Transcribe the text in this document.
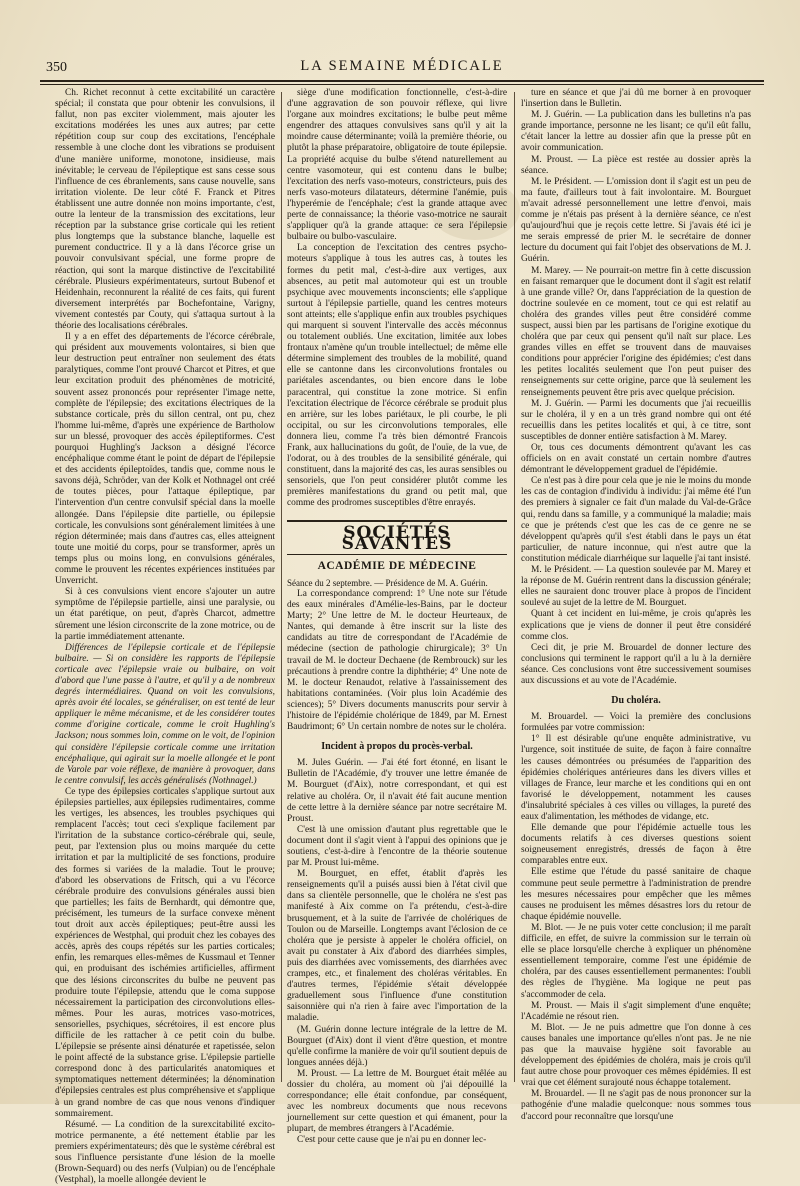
350	LA SEMAINE MÉDICALE

Ch. Richet reconnut à cette excitabilité un caractère spécial; il constata que pour obtenir les convulsions, il fallut, non pas exciter violemment, mais ajouter les excitations modérées les unes aux autres; par cette répétition coup sur coup des excitations, l'encéphale ressemble à une cloche dont les vibrations se produisent d'une manière uniforme, monotone, insidieuse, mais inévitable; le cerveau de l'épileptique est sans cesse sous l'influence de ces ébranlements, sans cause nouvelle, sans irritation violente. De leur côté F. Franck et Pitres établissent une autre donnée non moins importante, c'est, outre la lenteur de la transmission des excitations, leur réception par la substance grise corticale qui les retient plus longtemps que la substance blanche, laquelle est purement conductrice. Il y a là dans l'écorce grise un pouvoir convulsivant spécial, une forme propre de réaction, qui sont la marque distinctive de l'excitabilité cérébrale. Plusieurs expérimentateurs, surtout Bubenof et Heidenhain, reconnurent la réalité de ces faits, qui furent diversement interprétés par Bochefontaine, Varigny, vivement contestés par Couty, qui s'attaqua surtout à la théorie des localisations cérébrales.

Il y a en effet des départements de l'écorce cérébrale, qui président aux mouvements volontaires, si bien que leur destruction peut entraîner non seulement des états paralytiques, comme l'ont prouvé Charcot et Pitres, et que leur excitation produit des phénomènes de motricité, souvent assez prononcés pour représenter l'image nette, complète de l'épilepsie; des excitations électriques de la substance corticale, près du sillon central, ont pu, chez l'homme lui-même, d'après une expérience de Bartholow sur un blessé, provoquer des accès épileptiformes. C'est pourquoi Hughling's Jackson a désigné l'écorce encéphalique comme étant le point de départ de l'épilepsie et des accidents épileptoïdes, tandis que, comme nous le savons déjà, Schröder, van der Kolk et Nothnagel ont créé de toutes pièces, pour l'attaque épileptique, par l'intervention d'un centre convulsif spécial dans la moelle allongée. Dans l'épilepsie dite partielle, ou épilepsie corticale, les convulsions sont généralement limitées à une région déterminée; mais dans d'autres cas, elles atteignent toute une moitié du corps, pour se transformer, après un temps plus ou moins long, en convulsions générales, comme le prouvent les récentes expériences instituées par Unverricht.

Si à ces convulsions vient encore s'ajouter un autre symptôme de l'épilepsie partielle, ainsi une paralysie, ou un état parétique, on peut, d'après Charcot, admettre sûrement une lésion circonscrite de la zone motrice, ou de la partie immédiatement attenante.

Différences de l'épilepsie corticale et de l'épilepsie bulbaire. — Si on considère les rapports de l'épilepsie corticale avec l'épilepsie vraie ou bulbaire, on voit d'abord que l'une passe à l'autre, et qu'il y a de nombreux degrés intermédiaires. Quand on voit les convulsions, après avoir été locales, se généraliser, on est tenté de leur appliquer le même mécanisme, et de les considérer toutes comme d'origine corticale, comme le croit Hughling's Jackson; nous sommes loin, comme on le voit, de l'opinion qui considère l'épilepsie corticale comme une irritation encéphalique, qui agirait sur la moelle allongée et le pont de Varole par voie réflexe, de manière à provoquer, dans le centre convulsif, les accès généralisés (Nothnagel.)

Ce type des épilepsies corticales s'applique surtout aux épilepsies partielles, aux épilepsies rudimentaires, comme les vertiges, les absences, les troubles psychiques qui remplacent l'accès; tout ceci s'explique facilement par l'irritation de la substance cortico-cérébrale qui, seule, peut, par l'extension plus ou moins marquée du cette irritation et par la multiplicité de ses fonctions, produire des formes si variées de la maladie. Tout le prouve; d'abord les observations de Fritsch, qui a vu l'écorce cérébrale produire des convulsions générales aussi bien que partielles; les faits de Bernhardt, qui démontre que, précisément, les tumeurs de la surface convexe mènent tout droit aux accès épileptiques; peut-être aussi les expériences de Westphal, qui produit chez les cobayes des accès, après des coups répétés sur les parties corticales; enfin, les remarques elles-mêmes de Kussmaul et Tenner qui, en produisant des ischémies artificielles, affirment que des lésions circonscrites du bulbe ne peuvent pas produire toute l'épilepsie, attendu que le coma suppose nécessairement la participation des circonvolutions elles-mêmes. Pour les auras, motrices vaso-motrices, sensorielles, psychiques, sécrétoires, il est encore plus difficile de les rattacher à ce petit coin du bulbe. L'épilepsie se présente ainsi dénaturée et rapetissée, selon le point affecté de la substance grise. L'épilepsie partielle correspond donc à des particularités anatomiques et symptomatiques nettement déterminées; la dénomination d'épilepsies centrales est plus compréhensive et s'applique à un grand nombre de cas que nous venons d'indiquer sommairement.

Résumé. — La condition de la surexcitabilité excito-motrice permanente, a été nettement établie par les premiers expérimentateurs; dès que le système cérébral est sous l'influence persistante d'une lésion de la moelle (Brown-Sequard) ou des nerfs (Vulpian) ou de l'encéphale (Vestphal), la moelle allongée devient le

siège d'une modification fonctionnelle, c'est-à-dire d'une aggravation de son pouvoir réflexe, qui livre l'organe aux moindres excitations; le bulbe peut même engendrer des attaques convulsives sans qu'il y ait la moindre cause déterminante; voilà la première théorie, ou plutôt la phase préparatoire, obligatoire de toute épilepsie. La propriété acquise du bulbe s'étend naturellement au centre vasomoteur, qui est contenu dans le bulbe; l'excitation des nerfs vaso-moteurs, constricteurs, puis des nerfs vaso-moteurs dilatateurs, détermine l'anémie, puis l'hyperémie de l'encéphale; c'est la grande attaque avec perte de connaissance; la théorie vaso-motrice ne saurait s'appliquer qu'à la grande attaque: ce sera l'épilepsie bulbaire ou bulbo-vasculaire.

La conception de l'excitation des centres psycho-moteurs s'applique à tous les autres cas, à toutes les formes du petit mal, c'est-à-dire aux vertiges, aux absences, au petit mal automoteur qui est un trouble psychique avec mouvements inconscients; elle s'applique surtout à l'épilepsie partielle, quand les centres moteurs sont atteints; elle s'applique enfin aux troubles psychiques qui marquent si souvent l'intervalle des accès méconnus ou totalement oubliés. Une excitation, limitée aux lobes frontaux n'amène qu'un trouble intellectuel; de même elle détermine simplement des troubles de la mobilité, quand elle se cantonne dans les circonvolutions frontales ou pariétales ascendantes, ou bien encore dans le lobe paracentral, qui constitue la zone motrice. Si enfin l'excitation électrique de l'écorce cérébrale se produit plus en arrière, sur les lobes pariétaux, le pli courbe, le pli occipital, ou sur les circonvolutions temporales, elle donnera lieu, comme l'a très bien démontré Francois Frank, aux hallucinations du goût, de l'ouïe, de la vue, de l'odorat, ou à des troubles de la sensibilité générale, qui constituent, dans la majorité des cas, les auras sensibles ou sensoriels, que l'on peut considérer plutôt comme les premières manifestations du grand ou petit mal, que comme des prodromes susceptibles d'être enrayés.

SOCIÉTÉS SAVANTES
ACADÉMIE DE MÉDECINE

Séance du 2 septembre. — Présidence de M. A. Guérin.

La correspondance comprend: 1° Une note sur l'étude des eaux minérales d'Amélie-les-Bains, par le docteur Marty; 2° Une lettre de M. le docteur Heurteaux, de Nantes, qui demande à être inscrit sur la liste des candidats au titre de correspondant de l'Académie de médecine (section de pathologie chirurgicale); 3° Un travail de M. le docteur Dechaene (de Rembrouck) sur les précautions à prendre contre la diphthérie; 4° Une note de M. le docteur Renaudot, relative à l'assainissement des habitations contaminées. (Voir plus loin Académie des sciences); 5° Divers documents manuscrits pour servir à l'histoire de l'épidémie cholérique de 1849, par M. Ernest Baudrimont; 6° Un certain nombre de notes sur le choléra.

Incident à propos du procès-verbal.

M. Jules Guérin. — J'ai été fort étonné, en lisant le Bulletin de l'Académie, d'y trouver une lettre émanée de M. Bourguet (d'Aix), notre correspondant, et qui est relative au choléra. Or, il n'avait été fait aucune mention de cette lettre à la dernière séance par notre secrétaire M. Proust.

C'est là une omission d'autant plus regrettable que le document dont il s'agit vient à l'appui des opinions que je soutiens, c'est-à-dire à l'encontre de la théorie soutenue par M. Proust lui-même.

M. Bourguet, en effet, établit d'après les renseignements qu'il a puisés aussi bien à l'état civil que dans sa clientèle personnelle, que le choléra ne s'est pas manifesté à Aix comme on l'a prétendu, c'est-à-dire brusquement, et à la suite de l'arrivée de cholériques de Toulon ou de Marseille. Longtemps avant l'éclosion de ce choléra que je persiste à appeler le choléra officiel, on avait pu constater à Aix d'abord des diarrhées simples, puis des diarrhées avec vomissements, des diarrhées avec crampes, etc., et finalement des choléras véritables. En d'autres termes, l'épidémie s'était développée graduellement sous l'influence d'une constitution saisonnière qui n'a rien à faire avec l'importation de la maladie.

(M. Guérin donne lecture intégrale de la lettre de M. Bourguet (d'Aix) dont il vient d'être question, et montre qu'elle confirme la manière de voir qu'il soutient depuis de longues années déjà.)

M. Proust. — La lettre de M. Bourguet était mêlée au dossier du choléra, au moment où j'ai dépouillé la correspondance; elle était confondue, par conséquent, avec les nombreux documents que nous recevons journellement sur cette question et qui émanent, pour la plupart, de membres étrangers à l'Académie.

C'est pour cette cause que je n'ai pu en donner lec-

ture en séance et que j'ai dû me borner à en provoquer l'insertion dans le Bulletin.

M. J. Guérin. — La publication dans les bulletins n'a pas grande importance, personne ne les lisant; ce qu'il eût fallu, c'était lancer la lettre au dossier afin que la presse pût en avoir communication.

M. Proust. — La pièce est restée au dossier après la séance.

M. le Président. — L'omission dont il s'agit est un peu de ma faute, d'ailleurs tout à fait involontaire. M. Bourguet m'avait adressé personnellement une lettre d'envoi, mais comme je n'étais pas présent à la dernière séance, ce n'est qu'aujourd'hui que je reçois cette lettre. Si j'avais été ici je me serais empressé de prier M. le secrétaire de donner lecture du document qui fait l'objet des observations de M. J. Guérin.

M. Marey. — Ne pourrait-on mettre fin à cette discussion en faisant remarquer que le document dont il s'agit est relatif à une grande ville? Or, dans l'appréciation de la question de doctrine soulevée en ce moment, tout ce qui est relatif au choléra des grandes villes peut être considéré comme suspect, aussi bien par les partisans de l'origine exotique du choléra que par ceux qui pensent qu'il naît sur place. Les grandes villes en effet se trouvent dans de mauvaises conditions pour apprécier l'origine des épidémies; c'est dans les petites localités seulement que l'on peut puiser des renseignements sur cette origine, parce que là seulement les renseignements peuvent être pris avec quelque précision.

M. J. Guérin. — Parmi les documents que j'ai recueillis sur le choléra, il y en a un très grand nombre qui ont été recueillis dans les petites localités et qui, à ce titre, sont susceptibles de donner entière satisfaction à M. Marey.

Or, tous ces documents démontrent qu'avant les cas officiels on en avait constaté un certain nombre d'autres démontrant le développement graduel de l'épidémie.

Ce n'est pas à dire pour cela que je nie le moins du monde les cas de contagion d'individu à individu: j'ai même été l'un des premiers à signaler ce fait d'un malade du Val-de-Grâce qui, rendu dans sa famille, y a communiqué la maladie; mais ce que je prétends c'est que les cas de ce genre ne se développent qu'après qu'il s'est établi dans le pays un état particulier, de nature inconnue, qui n'est autre que la constitution médicale diarrhéique sur laquelle j'ai tant insisté.

M. le Président. — La question soulevée par M. Marey et la réponse de M. Guérin rentrent dans la discussion générale; elles ne sauraient donc trouver place à propos de l'incident soulevé au sujet de la lettre de M. Bourguet.

Quant à cet incident en lui-même, je crois qu'après les explications que je viens de donner il peut être considéré comme clos.

Ceci dit, je prie M. Brouardel de donner lecture des conclusions qui terminent le rapport qu'il a lu à la dernière séance. Ces conclusions vont être successivement soumises aux discussions et au vote de l'Académie.

Du choléra.

M. Brouardel. — Voici la première des conclusions formulées par votre commission:

1° Il est désirable qu'une enquête administrative, vu l'urgence, soit instituée de suite, de façon à faire connaître les causes démontrées ou présumées de l'apparition des épidémies cholériques antérieures dans les divers villes et villages de France, leur marche et les conditions qui en ont favorisé le développement, notamment les causes d'insalubrité spéciales à ces villes ou villages, la pureté des eaux d'alimentation, les méthodes de vidange, etc.

Elle demande que pour l'épidémie actuelle tous les documents relatifs à ces diverses questions soient soigneusement enregistrés, dressés de façon à être comparables entre eux.

Elle estime que l'étude du passé sanitaire de chaque commune peut seule permettre à l'administration de prendre les mesures nécessaires pour empêcher que les mêmes causes ne produisent les mêmes désastres lors du retour de chaque épidémie nouvelle.

M. Blot. — Je ne puis voter cette conclusion; il me paraît difficile, en effet, de suivre la commission sur le terrain où elle se place lorsqu'elle cherche à expliquer un phénomène essentiellement temporaire, comme l'est une épidémie de choléra, par des causes essentiellement permanentes: l'oubli des règles de l'hygiène. Ma logique ne peut pas s'accommoder de cela.

M. Proust. — Mais il s'agit simplement d'une enquête; l'Académie ne résout rien.

M. Blot. — Je ne puis admettre que l'on donne à ces causes banales une importance qu'elles n'ont pas. Je ne nie pas que la mauvaise hygiène soit favorable au développement des épidémies de choléra, mais je crois qu'il faut autre chose pour provoquer ces mêmes épidémies. Il est vrai que cet élément surajouté nous échappe totalement.

M. Brouardel. — Il ne s'agit pas de nous prononcer sur la pathogénie d'une maladie quelconque: nous sommes tous d'accord pour reconnaître que lorsqu'une
